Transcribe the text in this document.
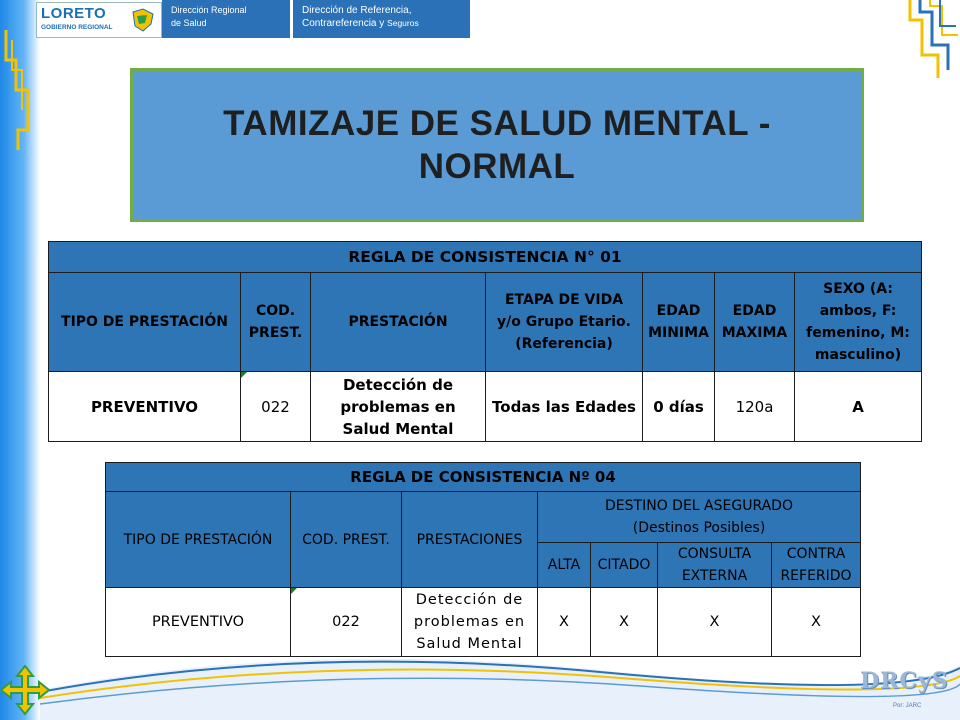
LORETO
GOBIERNO REGIONAL
Dirección Regional
de Salud
Dirección de Referencia,
Contrareferencia y Seguros
TAMIZAJE DE SALUD MENTAL - NORMAL
REGLA DE CONSISTENCIA N° 01						
TIPO DE PRESTACIÓN	COD. PREST.	PRESTACIÓN	ETAPA DE VIDA y/o Grupo Etario. (Referencia)	EDAD MINIMA	EDAD MAXIMA	SEXO (A: ambos, F: femenino, M: masculino)
PREVENTIVO	022	Detección de problemas en Salud Mental	Todas las Edades	0 días	120a	A
REGLA DE CONSISTENCIA Nº 04						
TIPO DE PRESTACIÓN	COD. PREST.	PRESTACIONES	DESTINO DEL ASEGURADO (Destinos Posibles)			
			ALTA	CITADO	CONSULTA EXTERNA	CONTRA REFERIDO
PREVENTIVO	022	Detección de problemas en Salud Mental	X	X	X	X
DRCyS
Por: JARC
